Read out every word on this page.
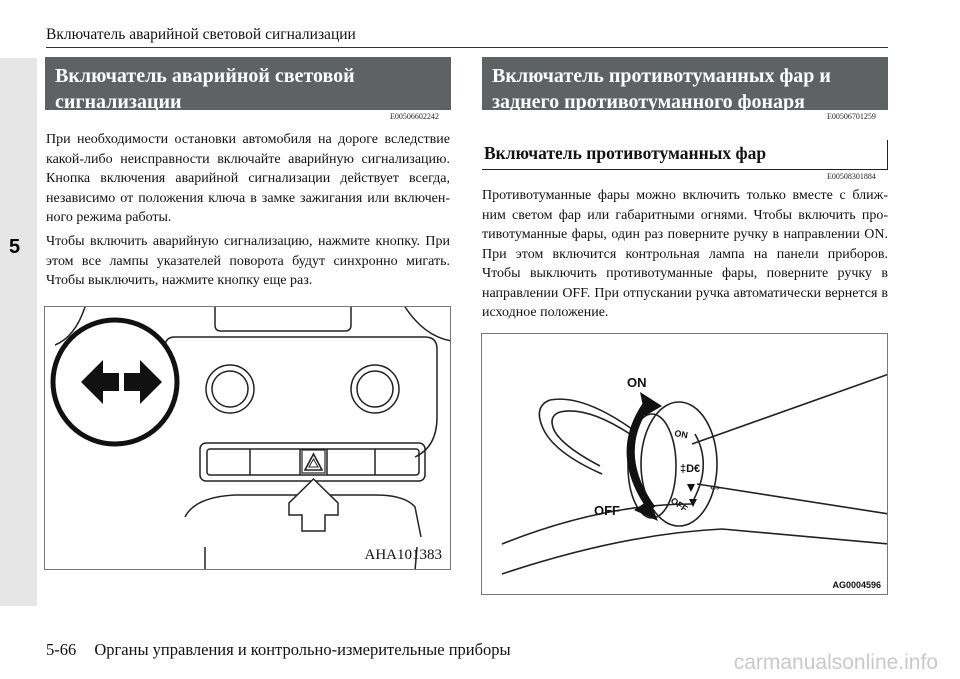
5
Включатель аварийной световой сигнализации
Включатель аварийной световой сигнализации
E00506602242

При необходимости остановки автомобиля на дороге вследствие какой-либо неисправности включайте аварийную сигнализацию. Кнопка включения аварийной сигнализации действует всегда, независимо от положения ключа в замке зажигания или включен-ного режима работы.

Чтобы включить аварийную сигнализацию, нажмите кнопку. При этом все лампы указателей поворота будут синхронно мигать. Чтобы выключить, нажмите кнопку еще раз.

AHA101383
Включатель противотуманных фар и заднего противотуманного фонаря
E00506701259
Включатель противотуманных фар
E00508301884

Противотуманные фары можно включить только вместе с ближ-ним светом фар или габаритными огнями. Чтобы включить про-тивотуманные фары, один раз поверните ручку в направлении ON. При этом включится контрольная лампа на панели приборов. Чтобы выключить противотуманные фары, поверните ручку в направлении OFF. При отпускании ручка автоматически вернется в исходное положение.

‡D€
⇔
ON
OFF
ON
OFF
AG0004596
5-66 Органы управления и контрольно-измерительные приборы
carmanualsonline.info
